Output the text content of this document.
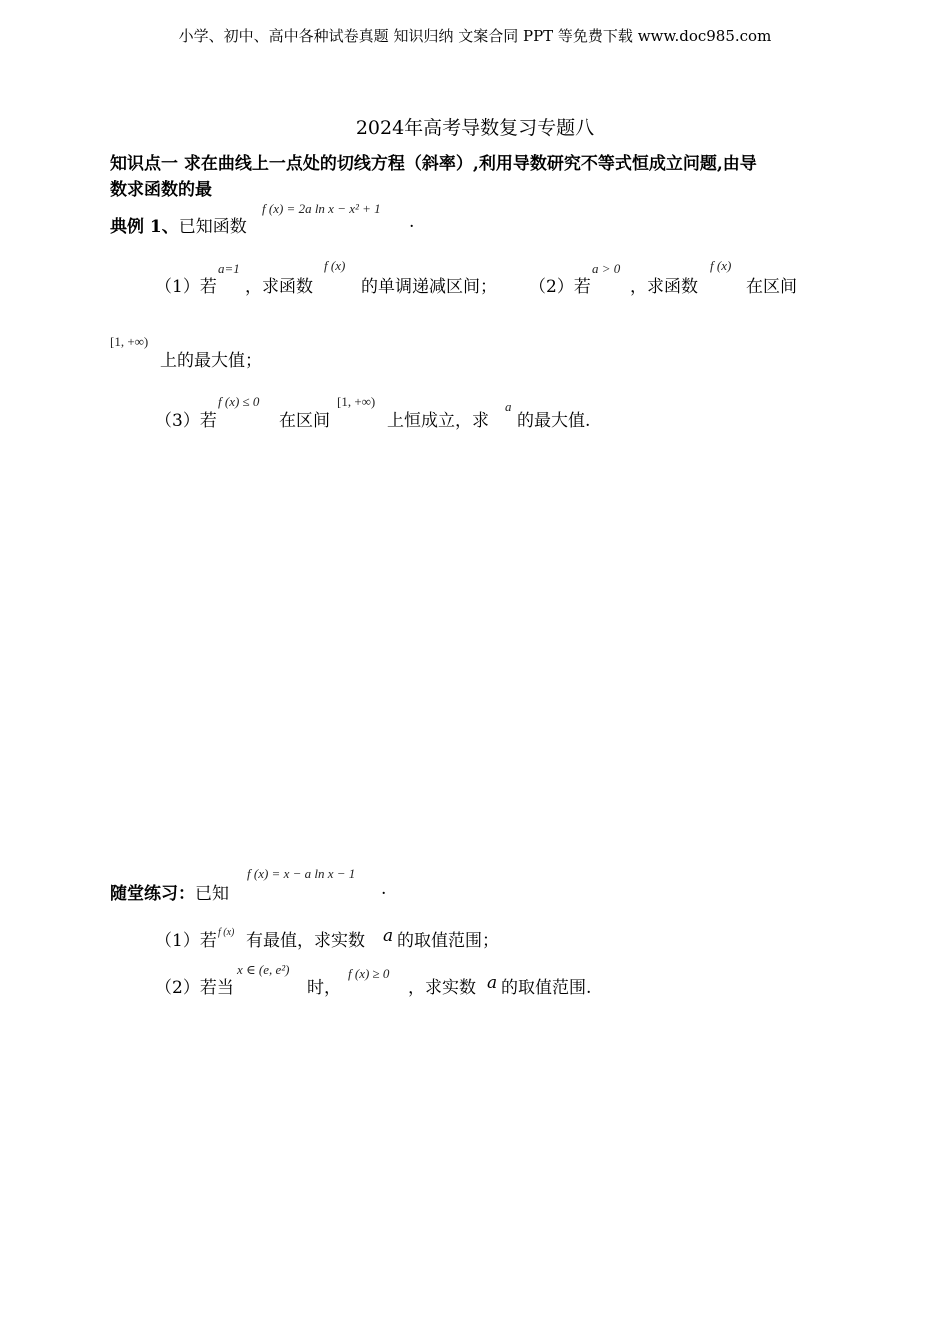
小学、初中、高中各种试卷真题 知识归纳 文案合同 PPT 等免费下载 www.doc985.com
2024年高考导数复习专题八
知识点一 求在曲线上一点处的切线方程（斜率）,利用导数研究不等式恒成立问题,由导
数求函数的最
典例 1、已知函数
f (x) = 2a ln x − x² + 1
.
（1）若
a=1
，求函数
f (x)
的单调递减区间； （2）若
a > 0
，求函数
f (x)
在区间
[1, +∞)
上的最大值；
（3）若
f (x) ≤ 0
在区间
[1, +∞)
上恒成立，求
a
的最大值.
随堂练习：已知
f (x) = x − a ln x − 1
.
（1）若 f (x) 有最值，求实数 a 的取值范围；
（2）若当
x ∈ (e, e²)
时，
f (x) ≥ 0
，求实数 a 的取值范围.
